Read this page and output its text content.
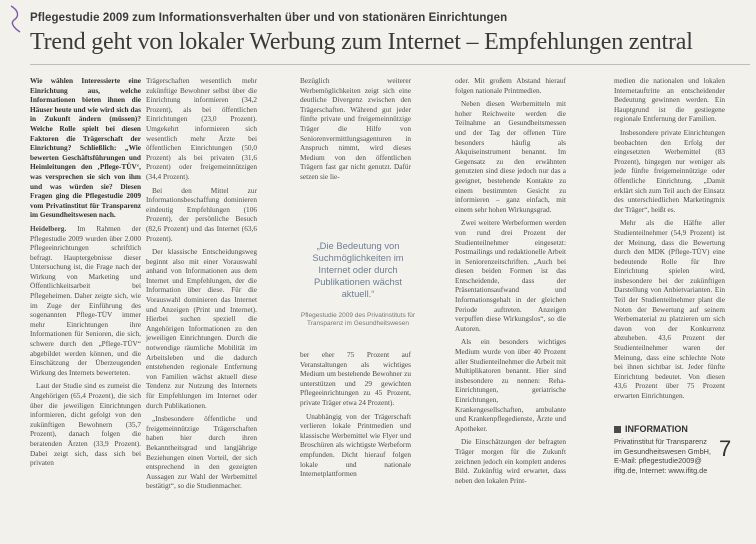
Pflegestudie 2009 zum Informationsverhalten über und von stationären Einrichtungen
Trend geht von lokaler Werbung zum Internet – Empfehlungen zentral

Wie wählen Interessierte eine Einrichtung aus, welche Informationen bieten ihnen die Häuser heute und wie wird sich das in Zukunft ändern (müssen)? Welche Rolle spielt bei diesen Faktoren die Trägerschaft der Einrichtung? Schließlich: „Wie bewerten Geschäftsführungen und Heimleitungen den ‚Pflege-TÜV‘, was versprechen sie sich von ihm und was würden sie? Diesen Fragen ging die Pflegestudie 2009 vom Privatinstitut für Transparenz im Gesundheitswesen nach.

Heidelberg. Im Rahmen der Pflegestudie 2009 wurden über 2.000 Pflegeeinrichtungen schriftlich befragt. Hauptergebnisse dieser Untersuchung ist, die Frage nach der Wirkung von Marketing und Öffentlichkeitsarbeit bei Pflegeheimen. Daher zeigte sich, wie im Zuge der Einführung des sogenannten Pflege-TÜV immer mehr Einrichtungen ihre Informationen für Senioren, die sich, schwere durch den „Pflege-TÜV“ abgebildet werden können, und die Einschätzung der Überzeugenden Wirkung des Internets bewerteten.

Laut der Studie sind es zumeist die Angehörigen (65,4 Prozent), die sich über die jeweiligen Einrichtungen informieren, dicht gefolgt von den zukünftigen Bewohnern (35,7 Prozent), danach folgen die beratenden Ärzten (33,9 Prozent). Dabei zeigt sich, dass sich bei privaten

Trägerschaften wesentlich mehr zukünftige Bewohner selbst über die Einrichtung informieren (34,2 Prozent), als bei öffentlichen Einrichtungen (23,0 Prozent). Umgekehrt informieren sich wesentlich mehr Ärzte bei öffentlichen Einrichtungen (50,0 Prozent) als bei privaten (31,6 Prozent) oder freigemeinnützigen (34,4 Prozent).

Bei den Mittel zur Informationsbeschaffung dominieren eindeutig Empfehlungen (106 Prozent), der persönliche Besuch (82,6 Prozent) und das Internet (63,6 Prozent).

Der klassische Entscheidungsweg beginnt also mit einer Vorauswahl anhand von Informationen aus dem Internet und Empfehlungen, der die Information über diese. Für die Vorauswahl dominieren das Internet und Anzeigen (Print und Internet). Hierbei suchen speziell die Angehörigen Informationen zu den jeweiligen Einrichtungen. Durch die notwendige räumliche Mobilität im Arbeitsleben und die dadurch entstehenden regionale Entfernung von Familien wächst aktuell diese Tendenz zur Nutzung des Internets für Empfehlungen im Internet oder durch Publikationen.

„Insbesondere öffentliche und freigemeinnützige Trägerschaften haben hier durch ihren Bekanntheitsgrad und langjährige Beziehungen einen Vorteil, der sich entsprechend in den gezeigten Aussagen zur Wahl der Werbemittel bestätigt“, so die Studienmacher.

Bezüglich weiterer Werbemöglichkeiten zeigt sich eine deutliche Divergenz zwischen den Trägerschaften. Während gut jeder fünfte private und freigemeinnützige Träger die Hilfe von Seniorenvermittlungsagenturen in Anspruch nimmt, wird dieses Medium von den öffentlichen Trägern fast gar nicht genutzt. Dafür setzen sie lie-

ber eher 75 Prozent auf Veranstaltungen als wichtiges Medium um bestehende Bewohner zu unterstützen und 29 gewichten Pflegeeinrichtungen zu 45 Prozent, private Träger etwa 24 Prozent).

Unabhängig von der Trägerschaft verlieren lokale Printmedien und klassische Werbemittel wie Flyer und Broschüren als wichtigste Werbeform empfunden. Dicht hierauf folgen lokale und nationale Internetplattformen

oder. Mit großem Abstand hierauf folgen nationale Printmedien.

Neben diesen Werbemitteln mit hoher Reichweite werden die Teilnahme an Gesundheitsmessen und der Tag der offenen Türe besonders häufig als Akquiseinstrument benannt. Im Gegensatz zu den erwähnten genutzten sind diese jedoch nur das a geeignet, bestehende Kontakte zu einem bestimmten Gesicht zu informieren – ganz einfach, mit einem sehr hohen Wirkungsgrad.

Zwei weitere Werbeformen werden von rund drei Prozent der Studienteilnehmer eingesetzt: Postmailings und redaktionelle Arbeit in Seniorenzeitschriften. „Auch bei diesen beiden Formen ist das Entscheidende, dass der Präsentationsaufwand und Informationsgehalt in der gleichen Periode auftreten. Anzeigen verpuffen diese Wirkungslos“, so die Autoren.

Als ein besonders wichtiges Medium wurde von über 40 Prozent aller Studienteilnehmer die Arbeit mit Multiplikatoren benannt. Hier sind insbesondere zu nennen: Reha-Einrichtungen, geriatrische Einrichtungen, Krankengesellschaften, ambulante und Krankenpflegedienste, Ärzte und Apotheker.

Die Einschätzungen der befragten Träger morgen für die Zukunft zeichnen jedoch ein komplett anderes Bild. Zukünftig wird erwartet, dass neben den lokalen Print-

medien die nationalen und lokalen Internetauftritte an entscheidender Bedeutung gewinnen werden. Ein Hauptgrund ist die gestiegene regionale Entfernung der Familien.

Insbesondere private Einrichtungen beobachten den Erfolg der eingesetzten Werbemittel (83 Prozent), hingegen nur weniger als jede fünfte freigemeinnützige oder öffentliche Einrichtung. „Damit erklärt sich zum Teil auch der Einsatz des unterschiedlichen Marketingmix der Träger“, heißt es.

Mehr als die Hälfte aller Studienteilnehmer (54,9 Prozent) ist der Meinung, dass die Bewertung durch den MDK (Pflege-TÜV) eine bedeutende Rolle für Ihre Einrichtung spielen wird, insbesondere bei der zukünftigen Darstellung von Anbietvarianten. Ein Teil der Studienteilnehmer plant die Noten der Bewertung auf seinem Werbematerial zu platzieren um sich davon von der Konkurrenz abzuheben. 43,6 Prozent der Studienteilnehmer waren der Meinung, dass eine schlechte Note bei ihnen sichtbar ist. Jeder fünfte Einrichtung bedeutet. Von diesen 43,6 Prozent über 75 Prozent erwarten Einrichtungen.

„Die Bedeutung von Suchmöglichkeiten im Internet oder durch Publikationen wächst aktuell.“

Pflegestudie 2009 des Privatinstituts für Transparenz im Gesundheitswesen
INFORMATION
Privatinstitut für Transparenz
im Gesundheitswesen GmbH,
E-Mail: pflegestudie2009@
ifitg.de, Internet: www.ifitg.de
7
